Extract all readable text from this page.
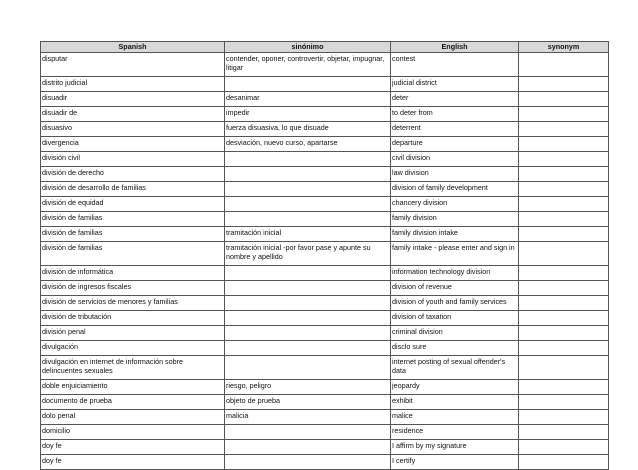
Spanish	sinónimo	English	synonym
disputar	contender, oponer, controvertir, objetar, impugnar, litigar	contest	
distrito judicial		judicial district	
disuadir	desanimar	deter	
disuadir de	impedir	to deter from	
disuasivo	fuerza disuasiva, lo que disuade	deterrent	
divergencia	desviación, nuevo curso, apartarse	departure	
división civil		civil division	
división de derecho		law division	
división de desarrollo de familias		division of family development	
división de equidad		chancery division	
división de familias		family division	
división de familias	tramitación inicial	family division intake	
división de familias	tramitación inicial -por favor pase y apunte su nombre y apellido	family intake - please enter and sign in	
división de informática		information technology division	
división de ingresos fiscales		division of revenue	
división de servicios de menores y familias		division of youth and family services	
división de tributación		division of taxation	
división penal		criminal division	
divulgación		disclo sure	
divulgación en internet de información sobre delincuentes sexuales		internet posting of sexual offender's data	
doble enjuiciamiento	riesgo, peligro	jeopardy	
documento de prueba	objeto de prueba	exhibit	
dolo penal	malicia	malice	
domicilio		residence	
doy fe		I affirm by my signature	
doy fe		I certify	
